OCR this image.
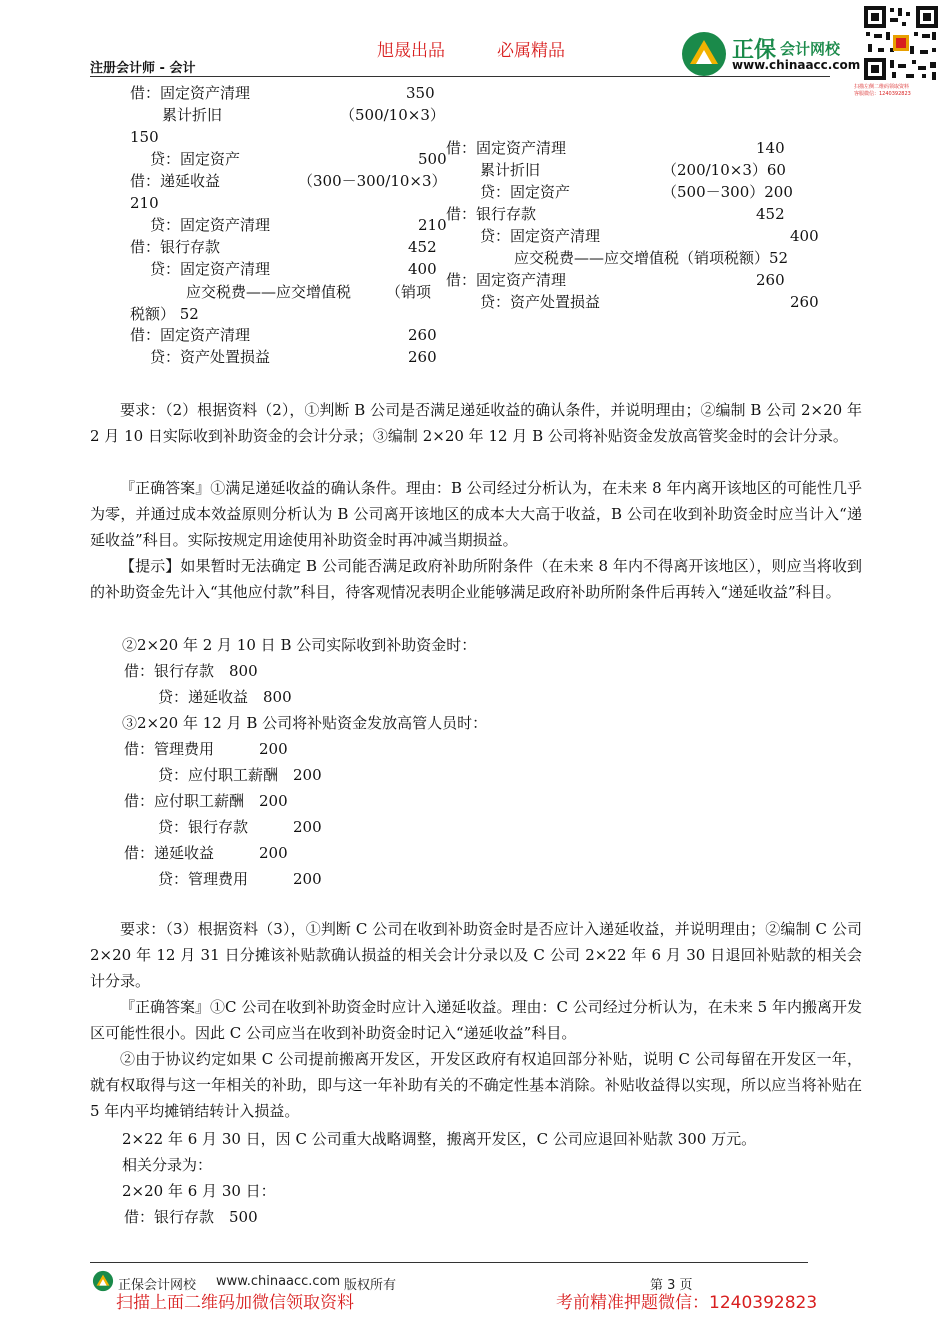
旭晟出品	必属精品
注册会计师 - 会计
正保 会计网校
www.chinaacc.com
扫描左侧二维码领取资料
客服微信：1240392823
借：固定资产清理	350
累计折旧	（500/10×3）
150
贷：固定资产	500
借：递延收益	（300－300/10×3）
210
贷：固定资产清理	210
借：银行存款	452
贷：固定资产清理	400
应交税费——应交增值税 （销项
税额） 52
借：固定资产清理	260
贷：资产处置损益	260
借：固定资产清理	140
累计折旧	（200/10×3）60
贷：固定资产	（500－300）200
借：银行存款	452
贷：固定资产清理	400
应交税费——应交增值税（销项税额）52
借：固定资产清理	260
贷：资产处置损益	260

要求：（2）根据资料（2），①判断 B 公司是否满足递延收益的确认条件，并说明理由；②编制 B 公司 2×20 年 2 月 10 日实际收到补助资金的会计分录；③编制 2×20 年 12 月 B 公司将补贴资金发放高管奖金时的会计分录。

『正确答案』①满足递延收益的确认条件。理由：B 公司经过分析认为，在未来 8 年内离开该地区的可能性几乎为零，并通过成本效益原则分析认为 B 公司离开该地区的成本大大高于收益，B 公司在收到补助资金时应当计入“递延收益”科目。实际按规定用途使用补助资金时再冲减当期损益。

【提示】如果暂时无法确定 B 公司能否满足政府补助所附条件（在未来 8 年内不得离开该地区），则应当将收到的补助资金先计入“其他应付款”科目，待客观情况表明企业能够满足政府补助所附条件后再转入“递延收益”科目。

②2×20 年 2 月 10 日 B 公司实际收到补助资金时：
借：银行存款　800
贷：递延收益　800
③2×20 年 12 月 B 公司将补贴资金发放高管人员时：
借：管理费用　　　200
贷：应付职工薪酬　200
借：应付职工薪酬　200
贷：银行存款　　　200
借：递延收益　　　200
贷：管理费用　　　200

要求：（3）根据资料（3），①判断 C 公司在收到补助资金时是否应计入递延收益，并说明理由；②编制 C 公司 2×20 年 12 月 31 日分摊该补贴款确认损益的相关会计分录以及 C 公司 2×22 年 6 月 30 日退回补贴款的相关会计分录。

『正确答案』①C 公司在收到补助资金时应计入递延收益。理由：C 公司经过分析认为，在未来 5 年内搬离开发区可能性很小。因此 C 公司应当在收到补助资金时记入“递延收益”科目。

②由于协议约定如果 C 公司提前搬离开发区，开发区政府有权追回部分补贴，说明 C 公司每留在开发区一年，就有权取得与这一年相关的补助，即与这一年补助有关的不确定性基本消除。补贴收益得以实现，所以应当将补贴在 5 年内平均摊销结转计入损益。

2×22 年 6 月 30 日，因 C 公司重大战略调整，搬离开发区，C 公司应退回补贴款 300 万元。
相关分录为：
2×20 年 6 月 30 日：
借：银行存款　500
正保会计网校 www.chinaacc.com 版权所有	第 3 页
扫描上面二维码加微信领取资料	考前精准押题微信：1240392823
